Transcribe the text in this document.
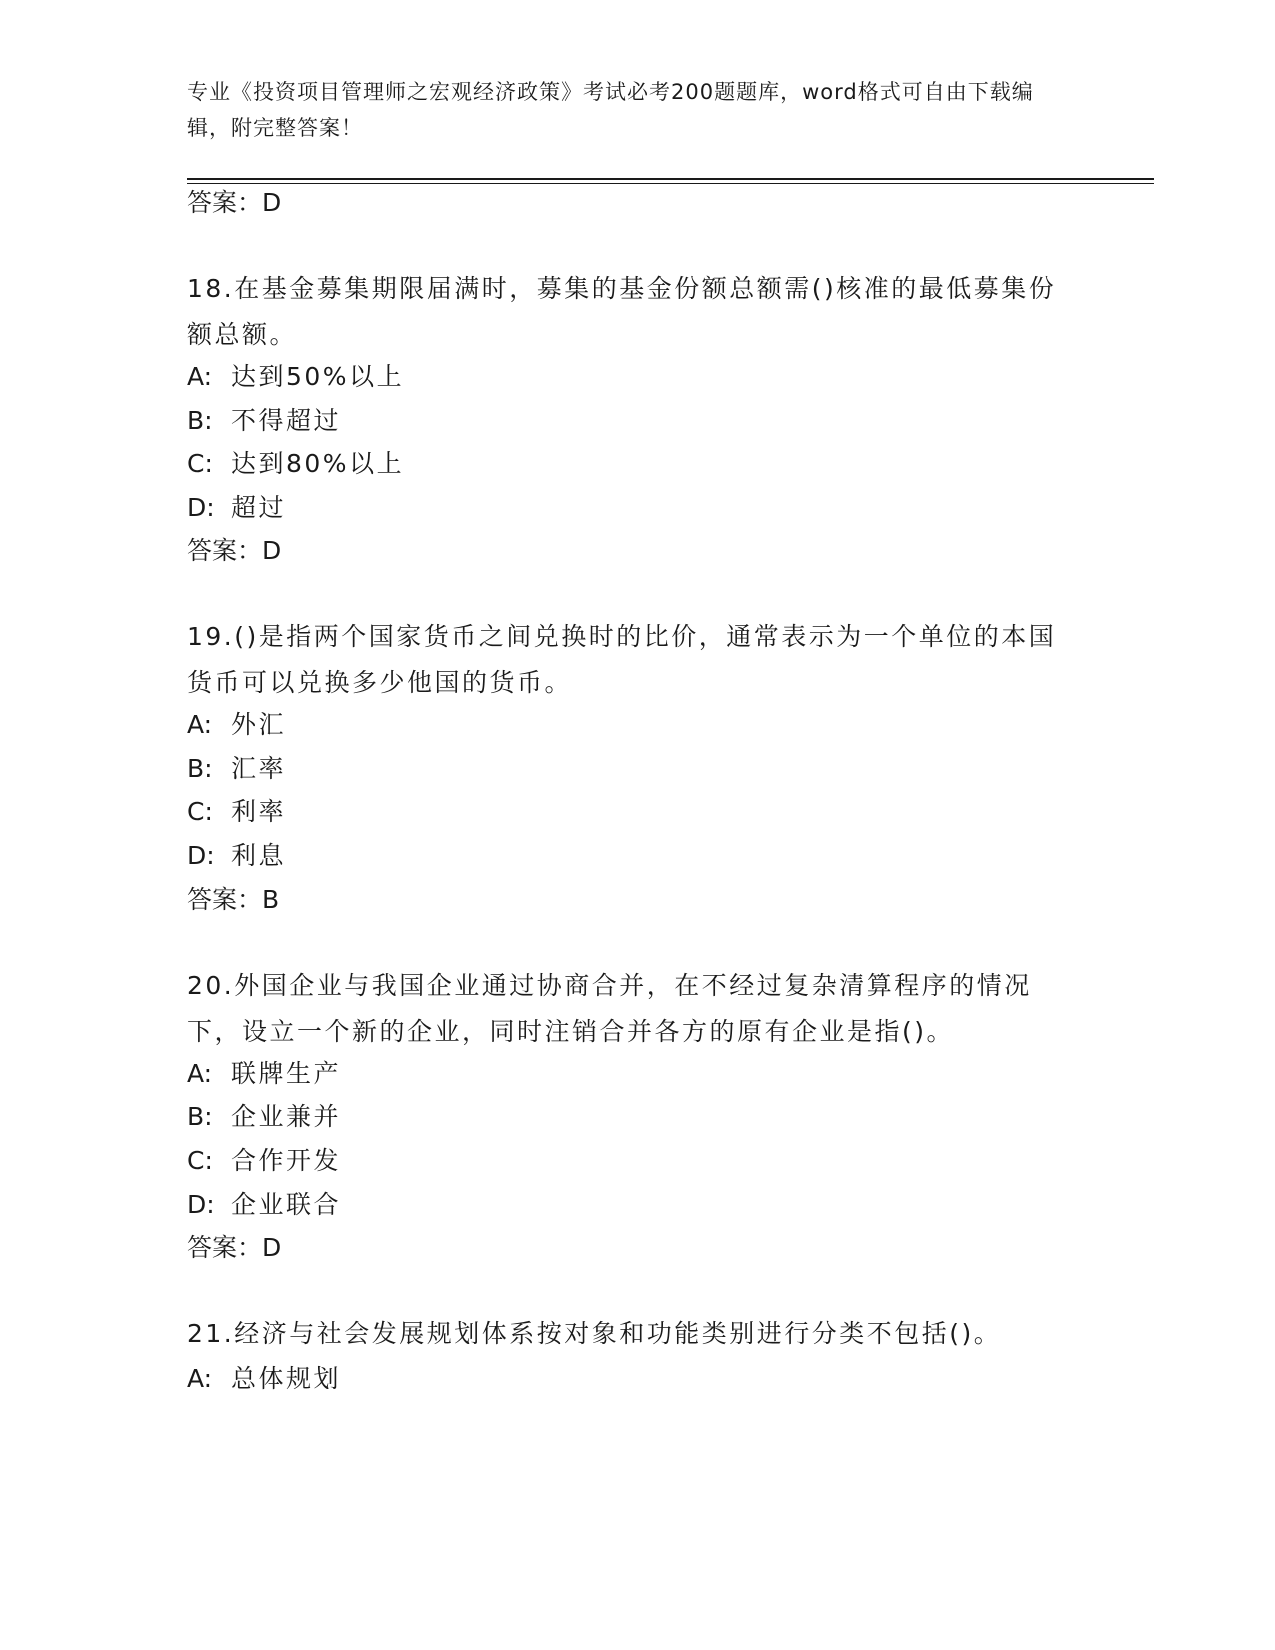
专业《投资项目管理师之宏观经济政策》考试必考200题题库，word格式可自由下载编辑，附完整答案！
答案：D
18.在基金募集期限届满时，募集的基金份额总额需()核准的最低募集份额总额。
A: 达到50%以上
B: 不得超过
C: 达到80%以上
D: 超过
答案：D
19.()是指两个国家货币之间兑换时的比价，通常表示为一个单位的本国货币可以兑换多少他国的货币。
A: 外汇
B: 汇率
C: 利率
D: 利息
答案：B
20.外国企业与我国企业通过协商合并，在不经过复杂清算程序的情况下，设立一个新的企业，同时注销合并各方的原有企业是指()。
A: 联牌生产
B: 企业兼并
C: 合作开发
D: 企业联合
答案：D
21.经济与社会发展规划体系按对象和功能类别进行分类不包括()。
A: 总体规划
